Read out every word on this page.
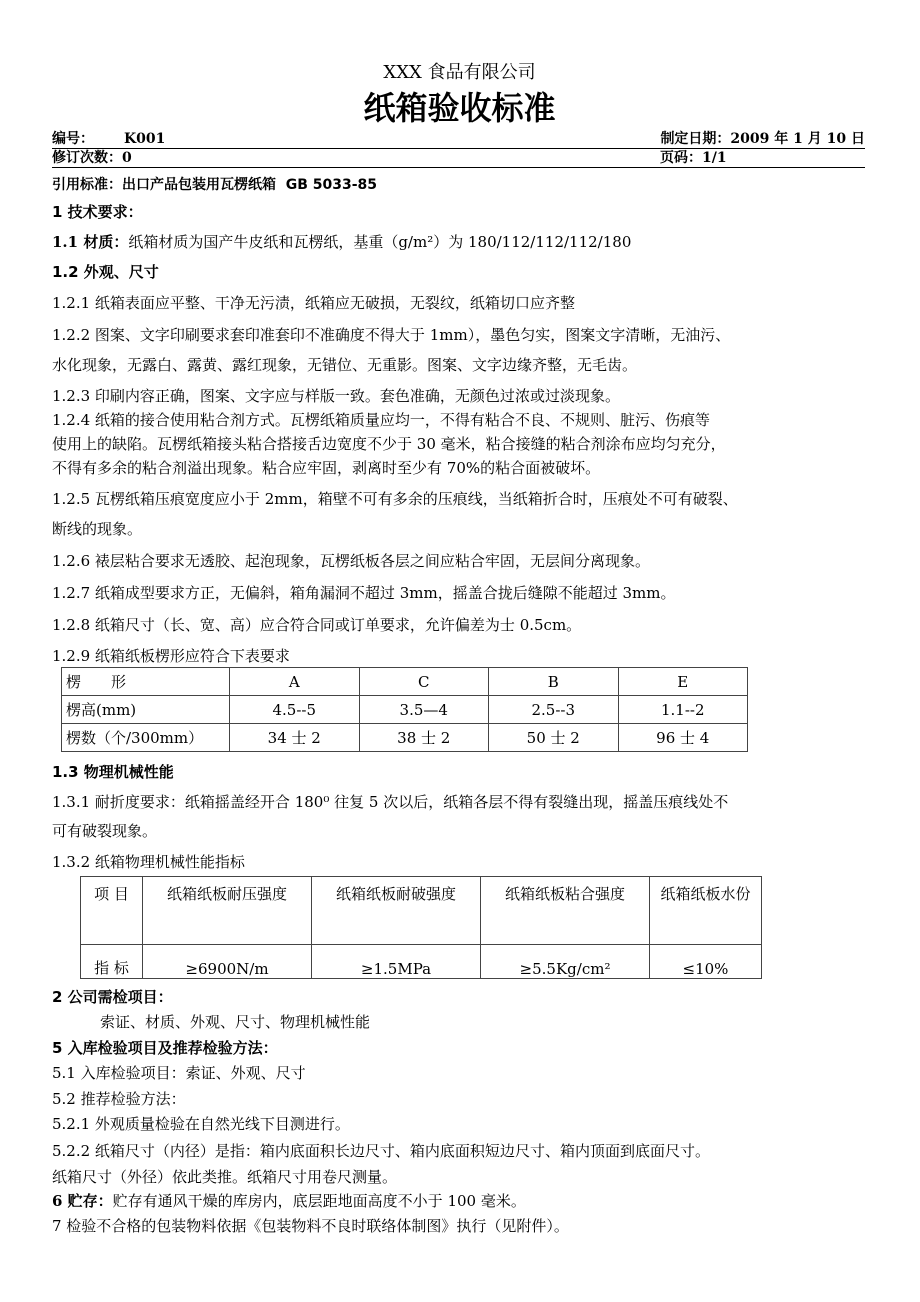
XXX 食品有限公司
纸箱验收标准
编号： K001	制定日期：2009 年 1 月 10 日
修订次数：0	页码：1/1
引用标准：出口产品包装用瓦楞纸箱 GB 5033-85
1 技术要求：
1.1 材质：纸箱材质为国产牛皮纸和瓦楞纸，基重（g/m²）为 180/112/112/112/180
1.2 外观、尺寸
1.2.1 纸箱表面应平整、干净无污渍，纸箱应无破损，无裂纹，纸箱切口应齐整
1.2.2 图案、文字印刷要求套印准套印不准确度不得大于 1mm），墨色匀实，图案文字清晰，无油污、
水化现象，无露白、露黄、露红现象，无错位、无重影。图案、文字边缘齐整，无毛齿。
1.2.3 印刷内容正确，图案、文字应与样版一致。套色准确，无颜色过浓或过淡现象。
1.2.4 纸箱的接合使用粘合剂方式。瓦楞纸箱质量应均一，不得有粘合不良、不规则、脏污、伤痕等
使用上的缺陷。瓦楞纸箱接头粘合搭接舌边宽度不少于 30 毫米，粘合接缝的粘合剂涂布应均匀充分，
不得有多余的粘合剂溢出现象。粘合应牢固，剥离时至少有 70%的粘合面被破坏。
1.2.5 瓦楞纸箱压痕宽度应小于 2mm，箱壁不可有多余的压痕线，当纸箱折合时，压痕处不可有破裂、
断线的现象。
1.2.6 裱层粘合要求无透胶、起泡现象，瓦楞纸板各层之间应粘合牢固，无层间分离现象。
1.2.7 纸箱成型要求方正，无偏斜，箱角漏洞不超过 3mm，摇盖合拢后缝隙不能超过 3mm。
1.2.8 纸箱尺寸（长、宽、高）应合符合同或订单要求，允许偏差为士 0.5cm。
1.2.9 纸箱纸板楞形应符合下表要求
楞　　形	A	C	B	E
楞高(mm)	4.5--5	3.5—4	2.5--3	1.1--2
楞数（个/300mm）	34 士 2	38 士 2	50 士 2	96 士 4
1.3 物理机械性能
1.3.1 耐折度要求：纸箱摇盖经开合 180⁰ 往复 5 次以后，纸箱各层不得有裂缝出现，摇盖压痕线处不
可有破裂现象。
1.3.2 纸箱物理机械性能指标
项 目	纸箱纸板耐压强度	纸箱纸板耐破强度	纸箱纸板粘合强度	纸箱纸板水份
指 标	≥6900N/m	≥1.5MPa	≥5.5Kg/cm²	≤10%
2 公司需检项目：
索证、材质、外观、尺寸、物理机械性能
5 入库检验项目及推荐检验方法：
5.1 入库检验项目：索证、外观、尺寸
5.2 推荐检验方法：
5.2.1 外观质量检验在自然光线下目测进行。
5.2.2 纸箱尺寸（内径）是指：箱内底面积长边尺寸、箱内底面积短边尺寸、箱内顶面到底面尺寸。
纸箱尺寸（外径）依此类推。纸箱尺寸用卷尺测量。
6 贮存：贮存有通风干燥的库房内，底层距地面高度不小于 100 毫米。
7 检验不合格的包装物料依据《包装物料不良时联络体制图》执行（见附件）。
